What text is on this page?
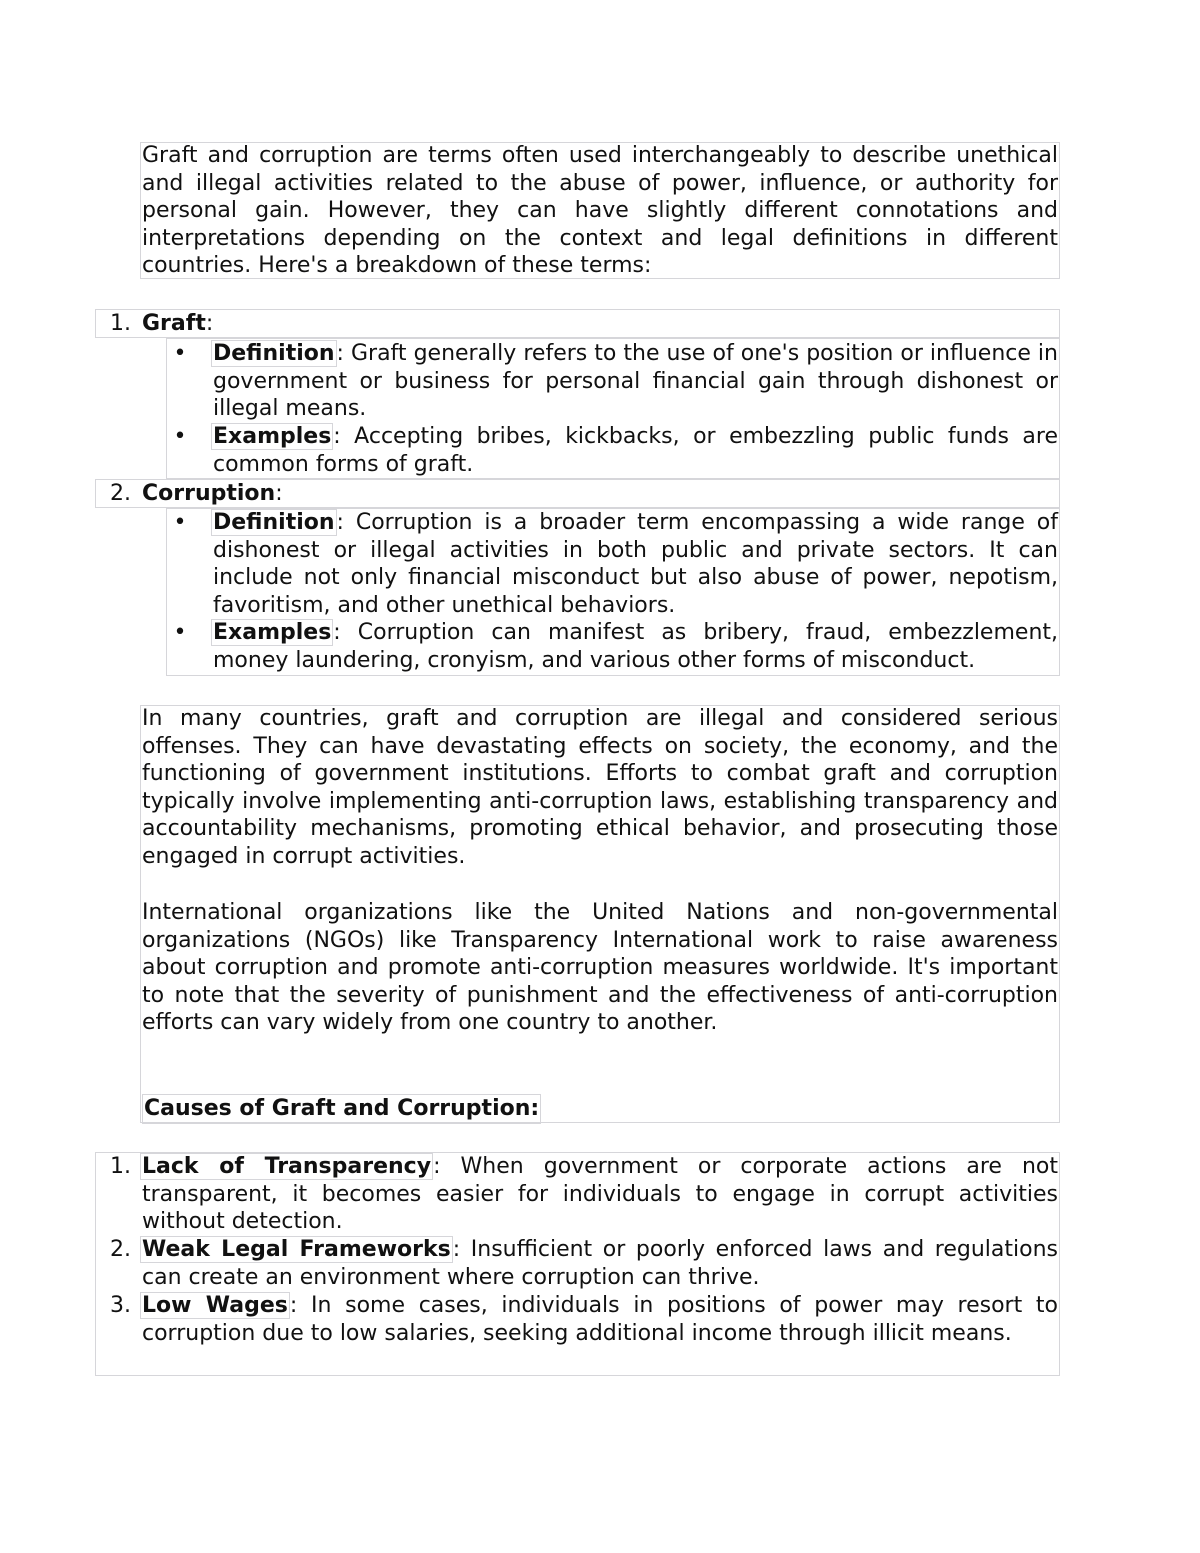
Graft and corruption are terms often used interchangeably to describe unethical and illegal activities related to the abuse of power, influence, or authority for personal gain. However, they can have slightly different connotations and interpretations depending on the context and legal definitions in different countries. Here's a breakdown of these terms:

1. Graft:
• Definition: Graft generally refers to the use of one's position or influence in government or business for personal financial gain through dishonest or illegal means.

• Examples: Accepting bribes, kickbacks, or embezzling public funds are common forms of graft.

2. Corruption:
• Definition: Corruption is a broader term encompassing a wide range of dishonest or illegal activities in both public and private sectors. It can include not only financial misconduct but also abuse of power, nepotism, favoritism, and other unethical behaviors.

• Examples: Corruption can manifest as bribery, fraud, embezzlement, money laundering, cronyism, and various other forms of misconduct.

In many countries, graft and corruption are illegal and considered serious offenses. They can have devastating effects on society, the economy, and the functioning of government institutions. Efforts to combat graft and corruption typically involve implementing anti-corruption laws, establishing transparency and accountability mechanisms, promoting ethical behavior, and prosecuting those engaged in corrupt activities.

International organizations like the United Nations and non-governmental organizations (NGOs) like Transparency International work to raise awareness about corruption and promote anti-corruption measures worldwide. It's important to note that the severity of punishment and the effectiveness of anti-corruption efforts can vary widely from one country to another.

Causes of Graft and Corruption:
1. Lack of Transparency: When government or corporate actions are not transparent, it becomes easier for individuals to engage in corrupt activities without detection.

2. Weak Legal Frameworks: Insufficient or poorly enforced laws and regulations can create an environment where corruption can thrive.

3. Low Wages: In some cases, individuals in positions of power may resort to corruption due to low salaries, seeking additional income through illicit means.
